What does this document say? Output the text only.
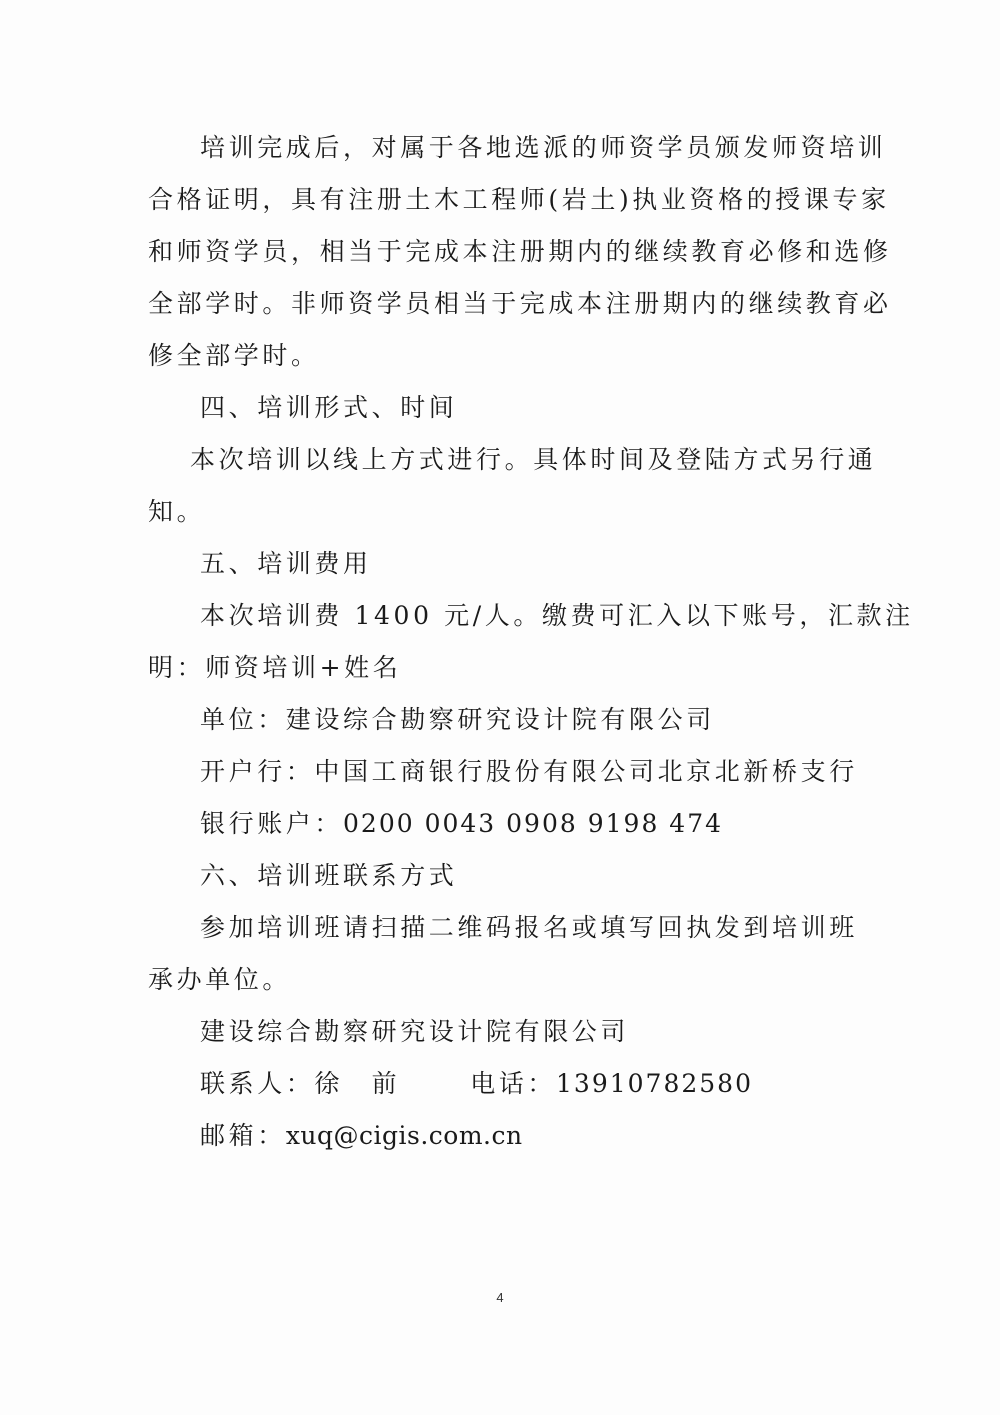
培训完成后，对属于各地选派的师资学员颁发师资培训
合格证明，具有注册土木工程师(岩土)执业资格的授课专家
和师资学员，相当于完成本注册期内的继续教育必修和选修
全部学时。非师资学员相当于完成本注册期内的继续教育必
修全部学时。
四、培训形式、时间
本次培训以线上方式进行。具体时间及登陆方式另行通
知。
五、培训费用
本次培训费 1400 元/人。缴费可汇入以下账号，汇款注
明：师资培训+姓名
单位：建设综合勘察研究设计院有限公司
开户行：中国工商银行股份有限公司北京北新桥支行
银行账户：0200 0043 0908 9198 474
六、培训班联系方式
参加培训班请扫描二维码报名或填写回执发到培训班
承办单位。
建设综合勘察研究设计院有限公司
联系人：徐　前	电话：13910782580
邮箱：xuq@cigis.com.cn
4
